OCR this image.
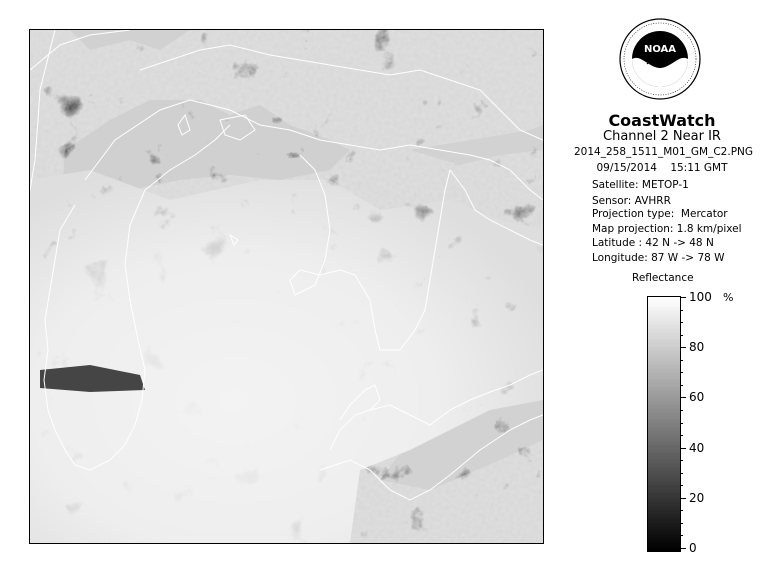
NOAA
CoastWatch
Channel 2 Near IR
2014_258_1511_M01_GM_C2.PNG
09/15/2014    15:11 GMT
Satellite: METOP-1
Sensor: AVHRR
Projection type:  Mercator
Map projection: 1.8 km/pixel
Latitude : 42 N -> 48 N
Longitude: 87 W -> 78 W
Reflectance
%
100
80
60
40
20
0
